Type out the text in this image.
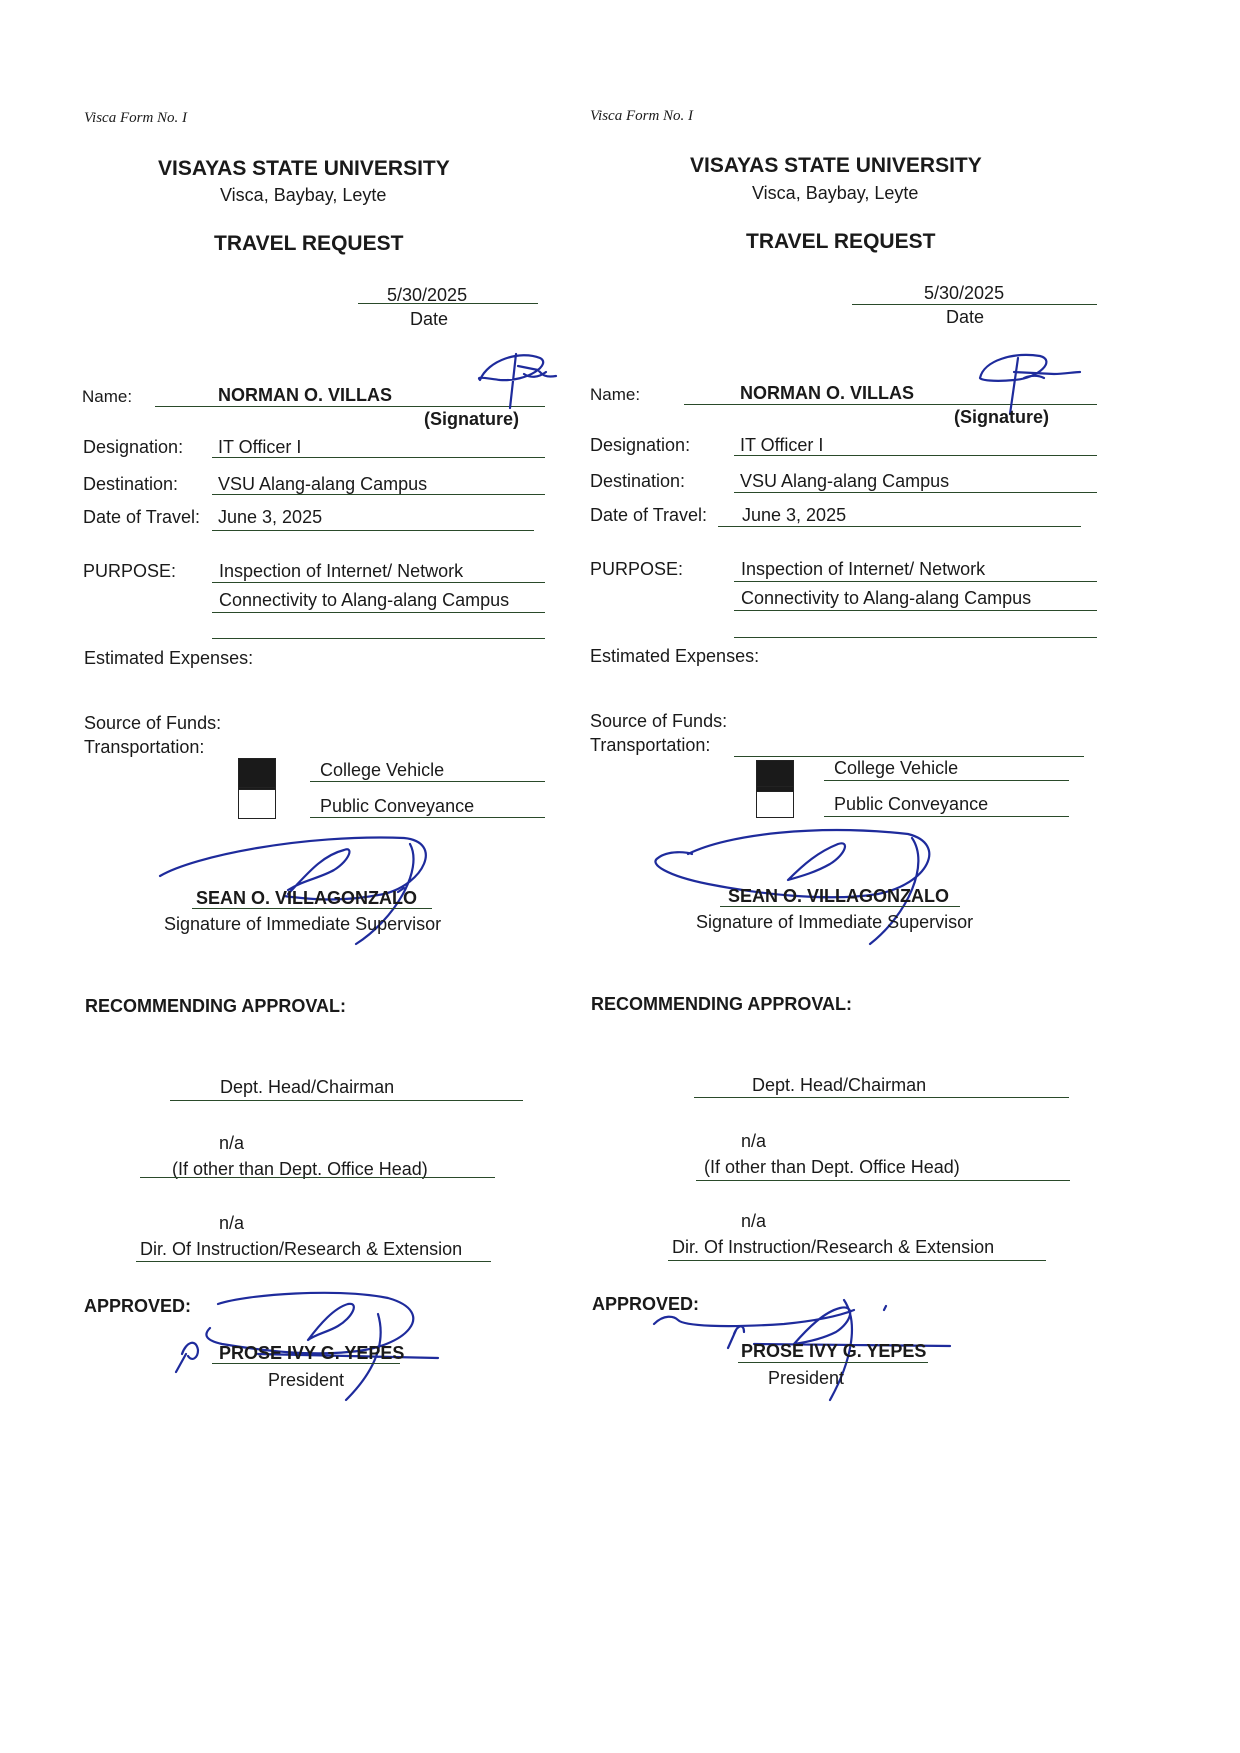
Visca Form No. I
VISAYAS STATE UNIVERSITY
Visca, Baybay, Leyte
TRAVEL REQUEST
5/30/2025
Date
Name:	NORMAN O. VILLAS
(Signature)
Designation: IT Officer I
Destination: VSU Alang-alang Campus
Date of Travel: June 3, 2025
PURPOSE: Inspection of Internet/ Network
Connectivity to Alang-alang Campus
Estimated Expenses:
Source of Funds:
Transportation:
College Vehicle
Public Conveyance
SEAN O. VILLAGONZALO
Signature of Immediate Supervisor
RECOMMENDING APPROVAL:
Dept. Head/Chairman
n/a
(If other than Dept. Office Head)
n/a
Dir. Of Instruction/Research & Extension
APPROVED:
PROSE IVY G. YEPES
President
Visca Form No. I
VISAYAS STATE UNIVERSITY
Visca, Baybay, Leyte
TRAVEL REQUEST
5/30/2025
Date
Name:	NORMAN O. VILLAS
(Signature)
Designation:	IT Officer I
Destination:	VSU Alang-alang Campus
Date of Travel: June 3, 2025
PURPOSE:	Inspection of Internet/ Network
Connectivity to Alang-alang Campus
Estimated Expenses:
Source of Funds:
Transportation:
College Vehicle
Public Conveyance
SEAN O. VILLAGONZALO
Signature of Immediate Supervisor
RECOMMENDING APPROVAL:
Dept. Head/Chairman
n/a
(If other than Dept. Office Head)
n/a
Dir. Of Instruction/Research & Extension
APPROVED:
PROSE IVY G. YEPES
President
